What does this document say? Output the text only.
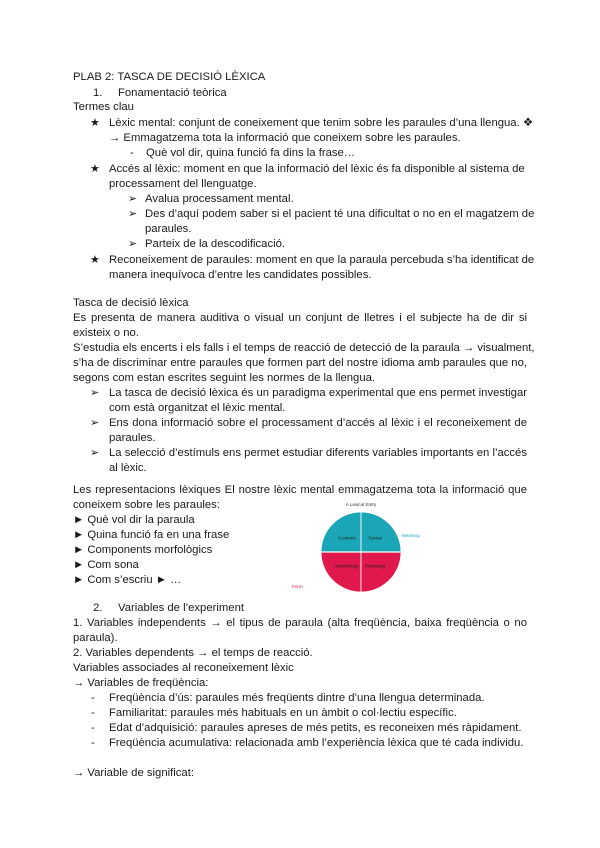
PLAB 2: TASCA DE DECISIÓ LÈXICA
1. Fonamentació teòrica
Termes clau
★ Lèxic mental: conjunt de coneixement que tenim sobre les paraules d’una llengua. ❖
→ Emmagatzema tota la informació que coneixem sobre les paraules.
- Què vol dir, quina funció fa dins la frase…
★ Accés al lèxic: moment en que la informació del lèxic és fa disponible al sistema de
processament del llenguatge.
➢ Avalua processament mental.
➢ Des d’aquí podem saber si el pacient té una dificultat o no en el magatzem de
paraules.
➢ Parteix de la descodificació.
★ Reconeixement de paraules: moment en que la paraula percebuda s’ha identificat de
manera inequívoca d’entre les candidates possibles.
Tasca de decisió lèxica
Es presenta de manera auditiva o visual un conjunt de lletres i el subjecte ha de dir si
existeix o no.
S’estudia els encerts i els falls i el temps de reacció de detecció de la paraula → visualment,
s’ha de discriminar entre paraules que formen part del nostre idioma amb paraules que no,
segons com estan escrites seguint les normes de la llengua.
➢ La tasca de decisió lèxica és un paradigma experimental que ens permet investigar
com està organitzat el lèxic mental.
➢ Ens dona informació sobre el processament d’accés al lèxic i el reconeixement de
paraules.
➢ La selecció d’estímuls ens permet estudiar diferents variables importants en l’accés
al lèxic.
Les representacions lèxiques El nostre lèxic mental emmagatzema tota la informació que
coneixem sobre les paraules:
► Què vol dir la paraula
► Quina funció fa en una frase
► Components morfològics
► Com sona
► Com s’escriu ► …
A Lexical Entry
Meaning
Form
Contents	Syntax
Morphology Phonology
2. Variables de l’experiment
1. Variables independents → el tipus de paraula (alta freqüència, baixa freqüència o no
paraula).
2. Variables dependents → el temps de reacció.
Variables associades al reconeixement lèxic
→ Variables de freqüència:
- Freqüència d’ús: paraules més freqüents dintre d’una llengua determinada.
- Familiaritat: paraules més habituals en un àmbit o col·lectiu específic.
- Edat d’adquisició: paraules apreses de més petits, es reconeixen més ràpidament.
- Freqüència acumulativa: relacionada amb l’experiència lèxica que té cada individu.
→ Variable de significat:
